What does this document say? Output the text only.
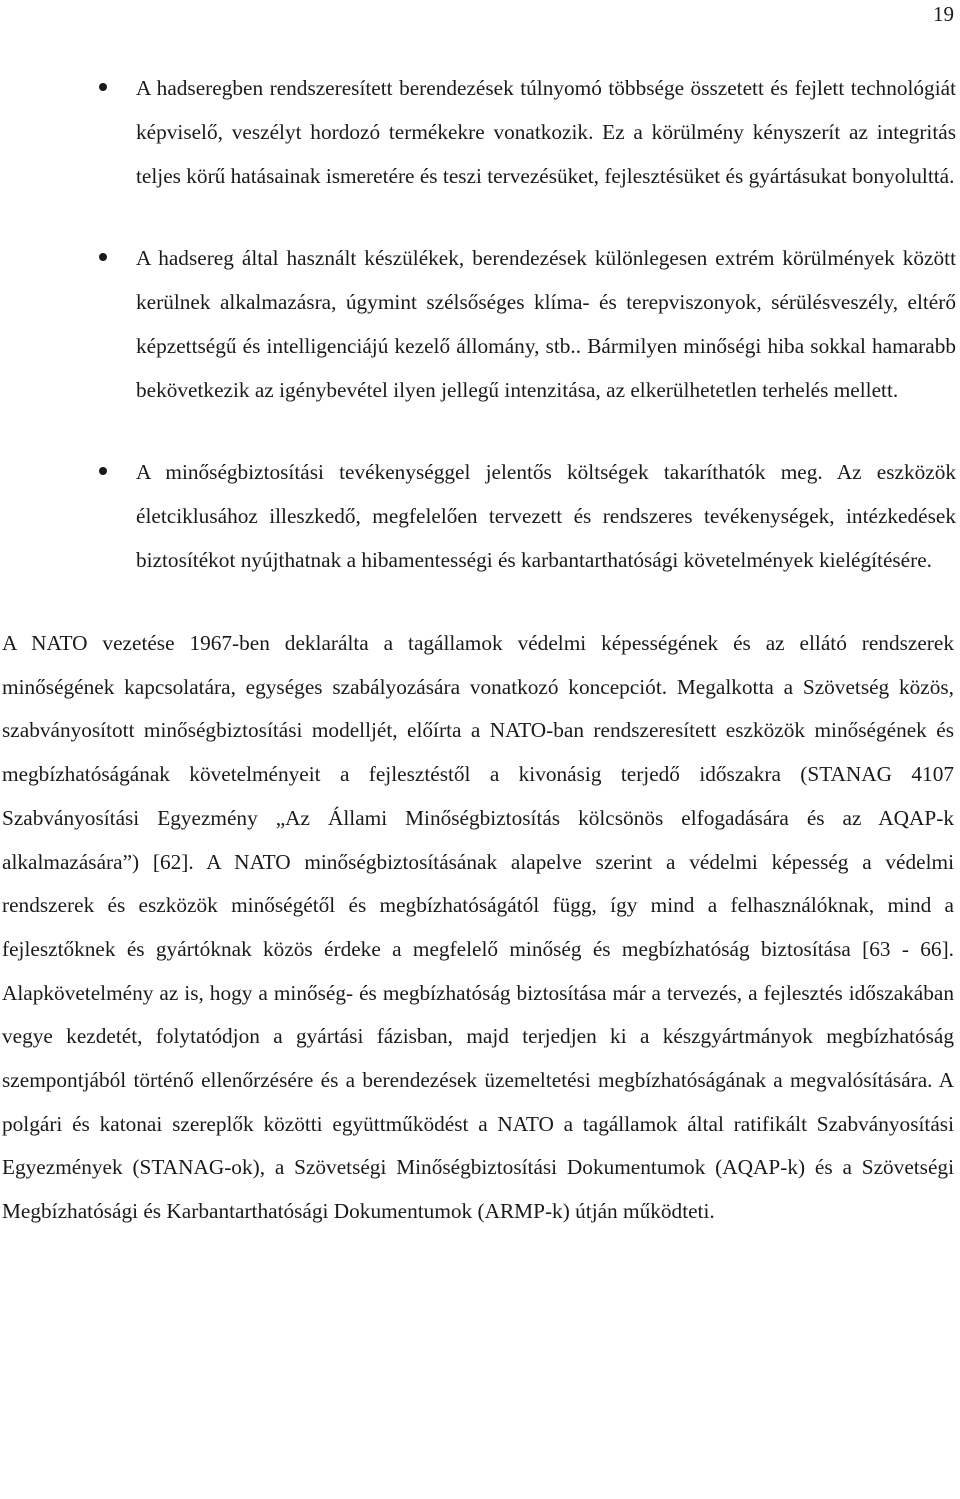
19
A hadseregben rendszeresített berendezések túlnyomó többsége összetett és fejlett technológiát képviselő, veszélyt hordozó termékekre vonatkozik. Ez a körülmény kényszerít az integritás teljes körű hatásainak ismeretére és teszi tervezésüket, fejlesztésüket és gyártásukat bonyolulttá.
A hadsereg által használt készülékek, berendezések különlegesen extrém körülmények között kerülnek alkalmazásra, úgymint szélsőséges klíma- és terepviszonyok, sérülésveszély, eltérő képzettségű és intelligenciájú kezelő állomány, stb.. Bármilyen minőségi hiba sokkal hamarabb bekövetkezik az igénybevétel ilyen jellegű intenzitása, az elkerülhetetlen terhelés mellett.
A minőségbiztosítási tevékenységgel jelentős költségek takaríthatók meg. Az eszközök életciklusához illeszkedő, megfelelően tervezett és rendszeres tevékenységek, intézkedések biztosítékot nyújthatnak a hibamentességi és karbantarthatósági követelmények kielégítésére.

A NATO vezetése 1967-ben deklarálta a tagállamok védelmi képességének és az ellátó rendszerek minőségének kapcsolatára, egységes szabályozására vonatkozó koncepciót. Megalkotta a Szövetség közös, szabványosított minőségbiztosítási modelljét, előírta a NATO-ban rendszeresített eszközök minőségének és megbízhatóságának követelményeit a fejlesztéstől a kivonásig terjedő időszakra (STANAG 4107 Szabványosítási Egyezmény „Az Állami Minőségbiztosítás kölcsönös elfogadására és az AQAP-k alkalmazására”) [62]. A NATO minőségbiztosításának alapelve szerint a védelmi képesség a védelmi rendszerek és eszközök minőségétől és megbízhatóságától függ, így mind a felhasználóknak, mind a fejlesztőknek és gyártóknak közös érdeke a megfelelő minőség és megbízhatóság biztosítása [63 - 66]. Alapkövetelmény az is, hogy a minőség- és megbízhatóság biztosítása már a tervezés, a fejlesztés időszakában vegye kezdetét, folytatódjon a gyártási fázisban, majd terjedjen ki a készgyártmányok megbízhatóság szempontjából történő ellenőrzésére és a berendezések üzemeltetési megbízhatóságának a megvalósítására. A polgári és katonai szereplők közötti együttműködést a NATO a tagállamok által ratifikált Szabványosítási Egyezmények (STANAG-ok), a Szövetségi Minőségbiztosítási Dokumentumok (AQAP-k) és a Szövetségi Megbízhatósági és Karbantarthatósági Dokumentumok (ARMP-k) útján működteti.
